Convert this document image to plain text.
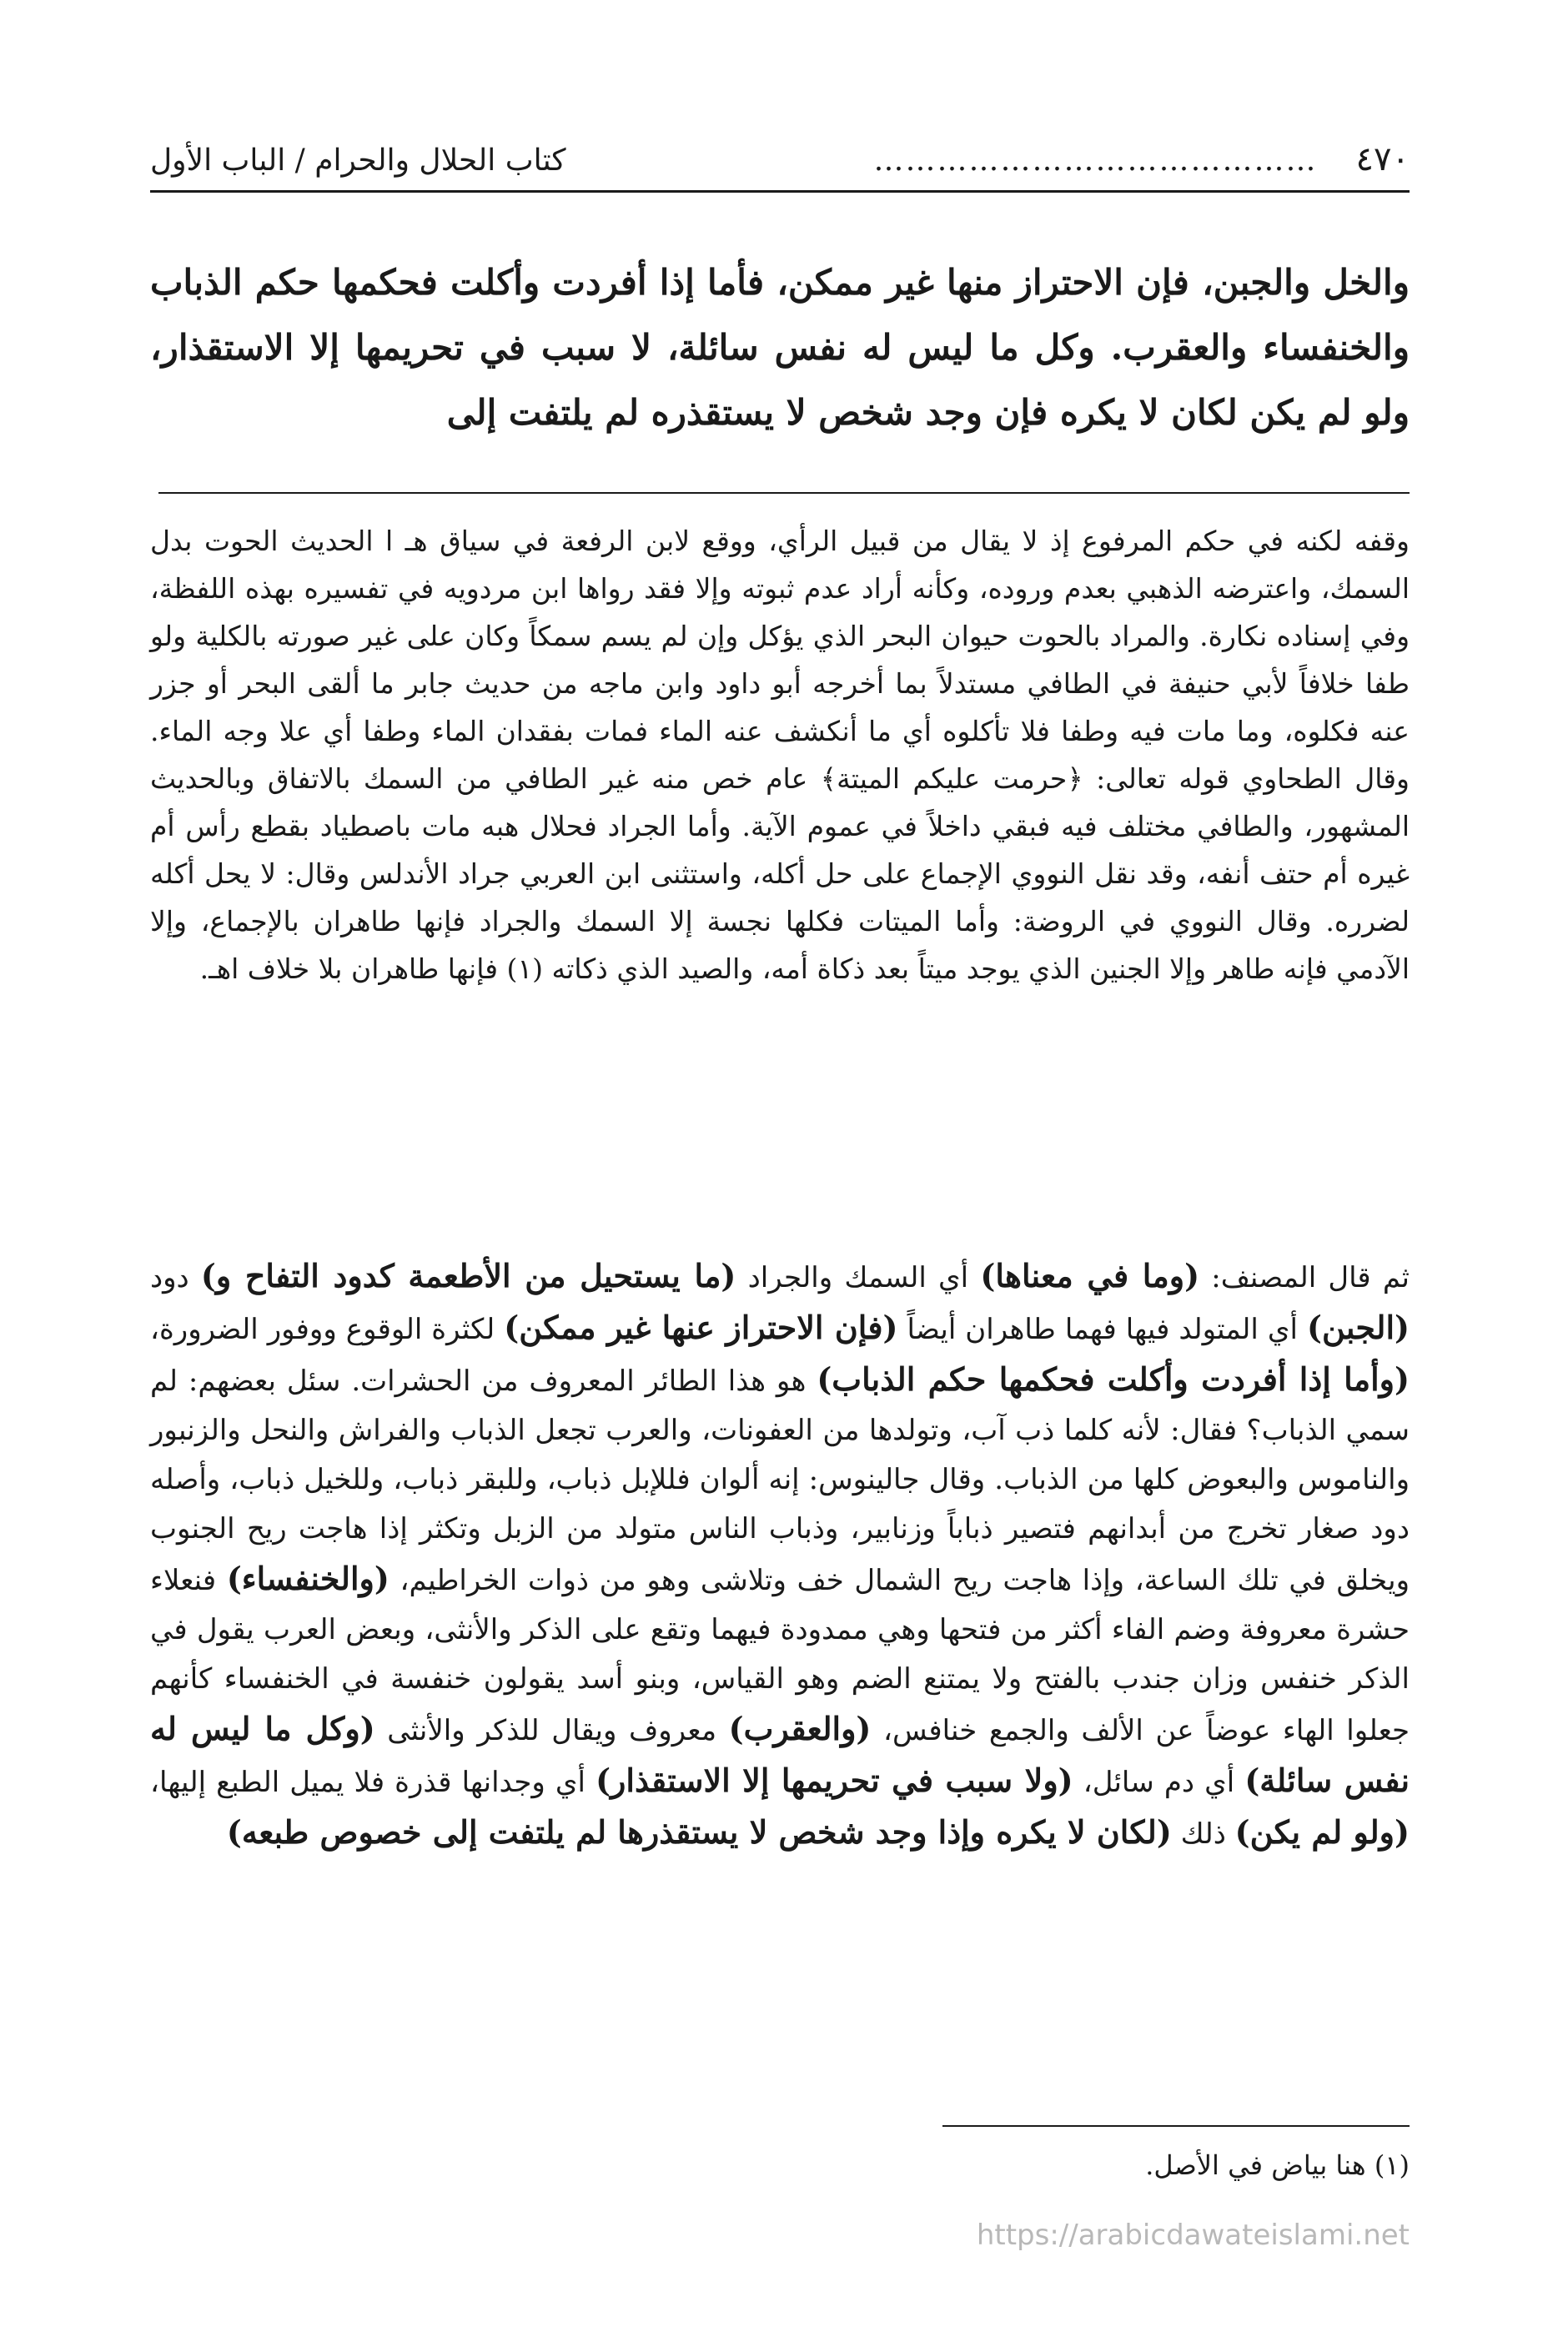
٤٧٠
……………………………………
كتاب الحلال والحرام / الباب الأول
والخل والجبن، فإن الاحتراز منها غير ممكن، فأما إذا أفردت وأكلت فحكمها حكم الذباب والخنفساء والعقرب. وكل ما ليس له نفس سائلة، لا سبب في تحريمها إلا الاستقذار، ولو لم يكن لكان لا يكره فإن وجد شخص لا يستقذره لم يلتفت إلى
وقفه لكنه في حكم المرفوع إذ لا يقال من قبيل الرأي، ووقع لابن الرفعة في سياق هـ ا الحديث الحوت بدل السمك، واعترضه الذهبي بعدم وروده، وكأنه أراد عدم ثبوته وإلا فقد رواها ابن مردويه في تفسيره بهذه اللفظة، وفي إسناده نكارة. والمراد بالحوت حيوان البحر الذي يؤكل وإن لم يسم سمكاً وكان على غير صورته بالكلية ولو طفا خلافاً لأبي حنيفة في الطافي مستدلاً بما أخرجه أبو داود وابن ماجه من حديث جابر ما ألقى البحر أو جزر عنه فكلوه، وما مات فيه وطفا فلا تأكلوه أي ما أنكشف عنه الماء فمات بفقدان الماء وطفا أي علا وجه الماء. وقال الطحاوي قوله تعالى: ﴿حرمت عليكم الميتة﴾ عام خص منه غير الطافي من السمك بالاتفاق وبالحديث المشهور، والطافي مختلف فيه فبقي داخلاً في عموم الآية. وأما الجراد فحلال هبه مات باصطياد بقطع رأس أم غيره أم حتف أنفه، وقد نقل النووي الإجماع على حل أكله، واستثنى ابن العربي جراد الأندلس وقال: لا يحل أكله لضرره. وقال النووي في الروضة: وأما الميتات فكلها نجسة إلا السمك والجراد فإنها طاهران بالإجماع، وإلا الآدمي فإنه طاهر وإلا الجنين الذي يوجد ميتاً بعد ذكاة أمه، والصيد الذي ذكاته (١) فإنها طاهران بلا خلاف اهـ.
ثم قال المصنف: (وما في معناها) أي السمك والجراد (ما يستحيل من الأطعمة كدود التفاح و) دود (الجبن) أي المتولد فيها فهما طاهران أيضاً (فإن الاحتراز عنها غير ممكن) لكثرة الوقوع ووفور الضرورة، (وأما إذا أفردت وأكلت فحكمها حكم الذباب) هو هذا الطائر المعروف من الحشرات. سئل بعضهم: لم سمي الذباب؟ فقال: لأنه كلما ذب آب، وتولدها من العفونات، والعرب تجعل الذباب والفراش والنحل والزنبور والناموس والبعوض كلها من الذباب. وقال جالينوس: إنه ألوان فللإبل ذباب، وللبقر ذباب، وللخيل ذباب، وأصله دود صغار تخرج من أبدانهم فتصير ذباباً وزنابير، وذباب الناس متولد من الزبل وتكثر إذا هاجت ريح الجنوب ويخلق في تلك الساعة، وإذا هاجت ريح الشمال خف وتلاشى وهو من ذوات الخراطيم، (والخنفساء) فنعلاء حشرة معروفة وضم الفاء أكثر من فتحها وهي ممدودة فيهما وتقع على الذكر والأنثى، وبعض العرب يقول في الذكر خنفس وزان جندب بالفتح ولا يمتنع الضم وهو القياس، وبنو أسد يقولون خنفسة في الخنفساء كأنهم جعلوا الهاء عوضاً عن الألف والجمع خنافس، (والعقرب) معروف ويقال للذكر والأنثى (وكل ما ليس له نفس سائلة) أي دم سائل، (ولا سبب في تحريمها إلا الاستقذار) أي وجدانها قذرة فلا يميل الطبع إليها، (ولو لم يكن) ذلك (لكان لا يكره وإذا وجد شخص لا يستقذرها لم يلتفت إلى خصوص طبعه)
(١) هنا بياض في الأصل.
https://arabicdawateislami.net
